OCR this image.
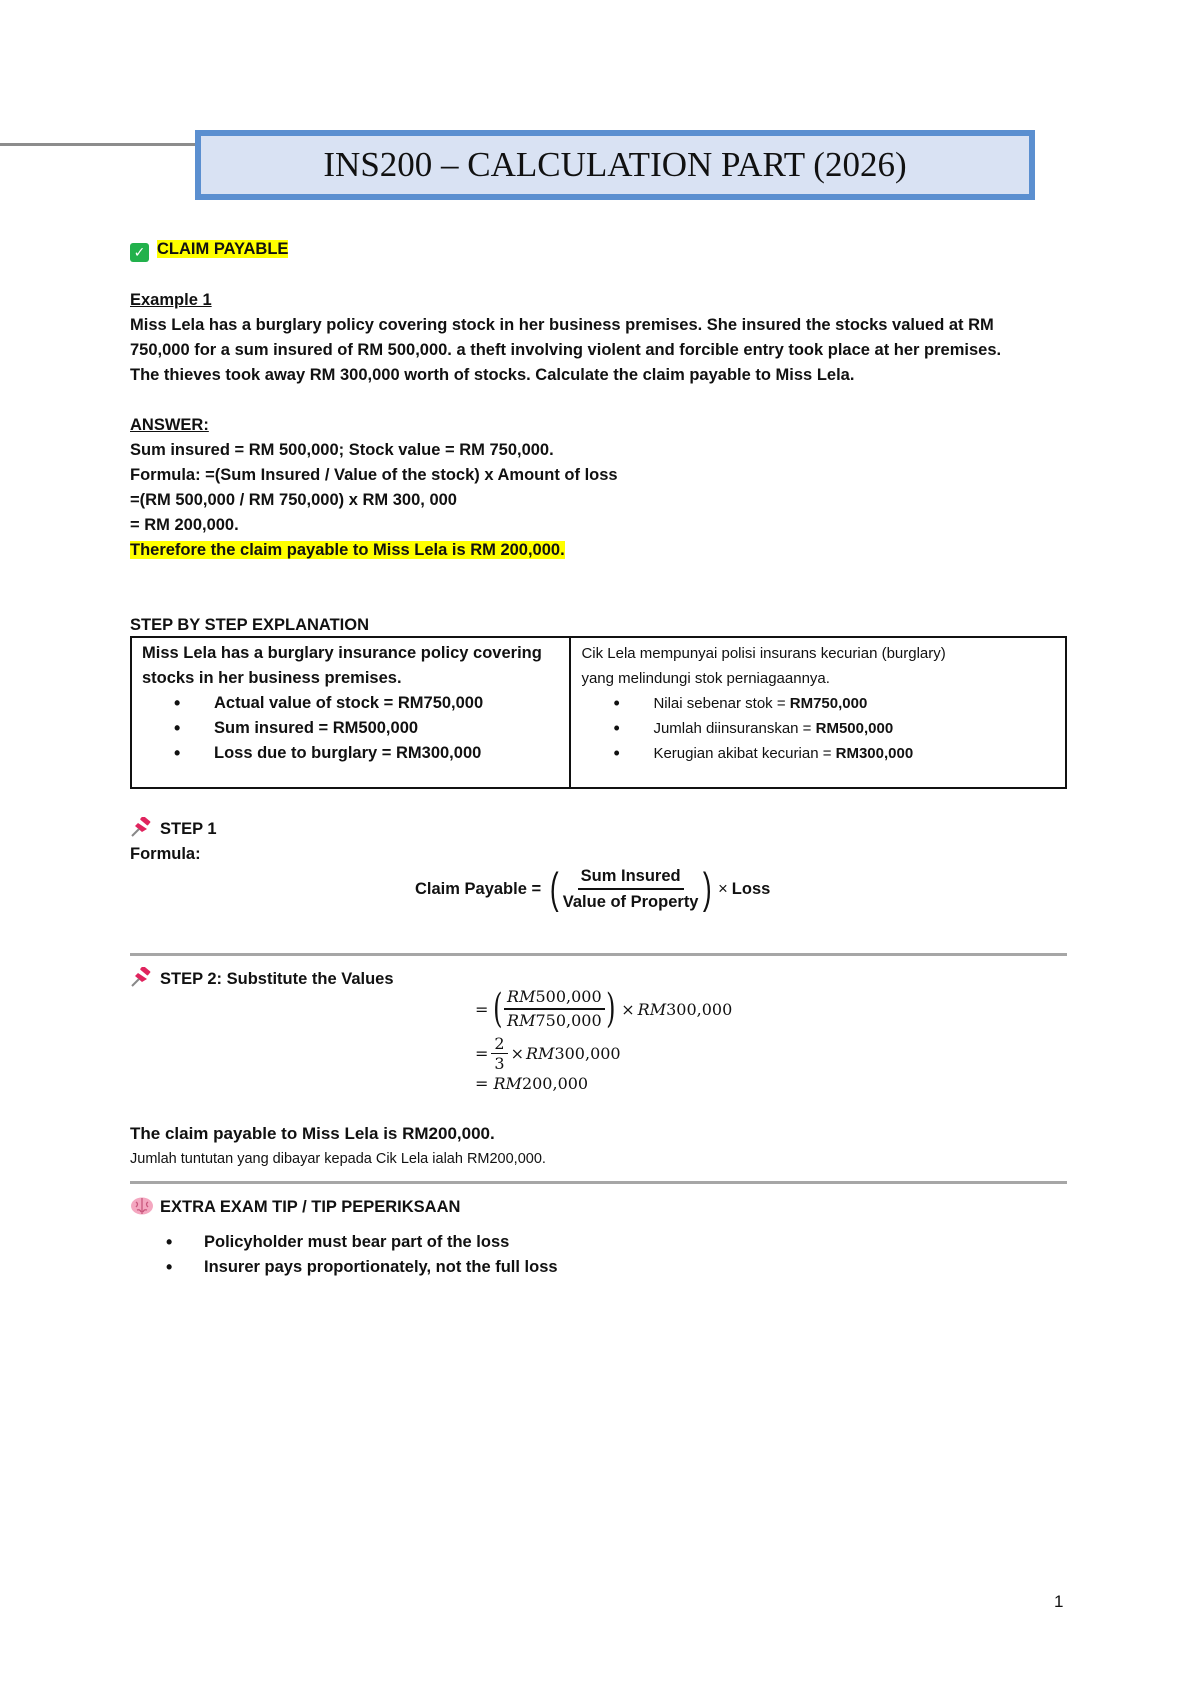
INS200 – CALCULATION PART (2026)
✓ CLAIM PAYABLE
Example 1
Miss Lela has a burglary policy covering stock in her business premises. She insured the stocks valued at RM
750,000 for a sum insured of RM 500,000. a theft involving violent and forcible entry took place at her premises.
The thieves took away RM 300,000 worth of stocks. Calculate the claim payable to Miss Lela.
ANSWER:
Sum insured = RM 500,000; Stock value = RM 750,000.
Formula: =(Sum Insured / Value of the stock) x Amount of loss
=(RM 500,000 / RM 750,000) x RM 300, 000
= RM 200,000.
Therefore the claim payable to Miss Lela is RM 200,000.
STEP BY STEP EXPLANATION
Miss Lela has a burglary insurance policy covering
stocks in her business premises.
• Actual value of stock = RM750,000
• Sum insured = RM500,000
• Loss due to burglary = RM300,000

Cik Lela mempunyai polisi insurans kecurian (burglary)
yang melindungi stok perniagaannya.
• Nilai sebenar stok = RM750,000
• Jumlah diinsuranskan = RM500,000
• Kerugian akibat kecurian = RM300,000
STEP 1
Formula:
Claim Payable = ( $\frac{\text{Sum Insured}}{\text{Value of Property}}$ ) × Loss
STEP 2: Substitute the Values
= ( $\frac{RM500,000}{RM750,000}$ ) × RM 300,000
= $\frac{2}{3}$ × RM 300,000
= RM200,000
The claim payable to Miss Lela is RM200,000.
Jumlah tuntutan yang dibayar kepada Cik Lela ialah RM200,000.
EXTRA EXAM TIP / TIP PEPERIKSAAN
• Policyholder must bear part of the loss
• Insurer pays proportionately, not the full loss
1
